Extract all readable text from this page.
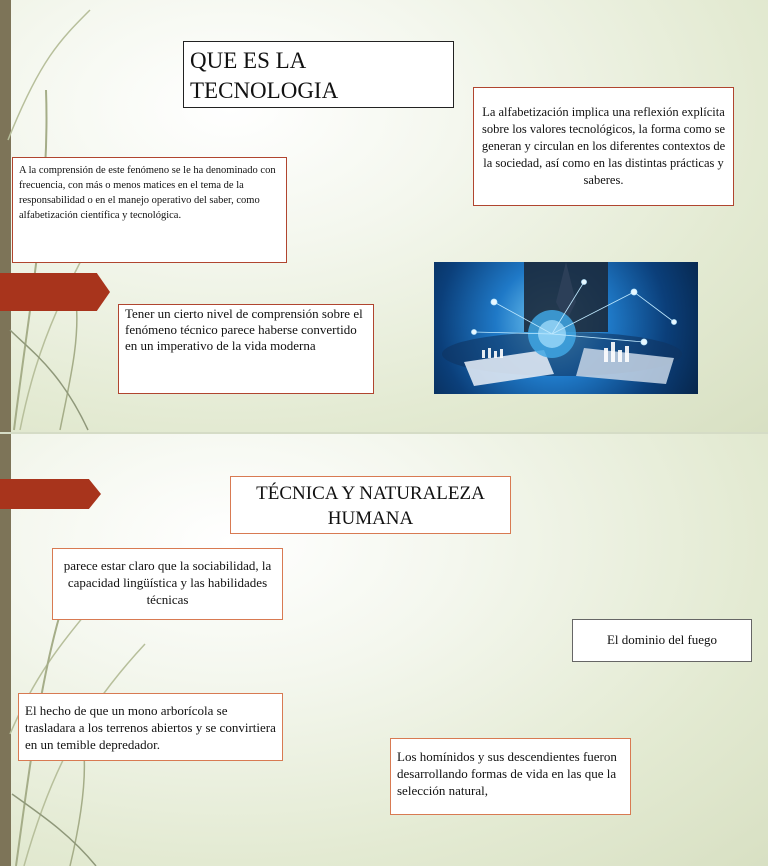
QUE ES LA
TECNOLOGIA
A la comprensión de este fenómeno se le ha denominado con frecuencia, con más o menos matices en el tema de la responsabilidad o en el manejo operativo del saber, como alfabetización científica y tecnológica.
La alfabetización implica una reflexión explícita sobre los valores tecnológicos, la forma como se generan y circulan en los diferentes contextos de la sociedad, así como en las distintas prácticas y saberes.
Tener un cierto nivel de comprensión sobre el fenómeno técnico parece haberse convertido en un imperativo de la vida moderna
TÉCNICA Y NATURALEZA HUMANA
parece estar claro que la sociabilidad, la capacidad lingüística y las habilidades técnicas
El dominio del fuego
El hecho de que un mono arborícola se trasladara a los terrenos abiertos y se convirtiera en un temible depredador.
Los homínidos y sus descendientes fueron desarrollando formas de vida en las que la selección natural,
